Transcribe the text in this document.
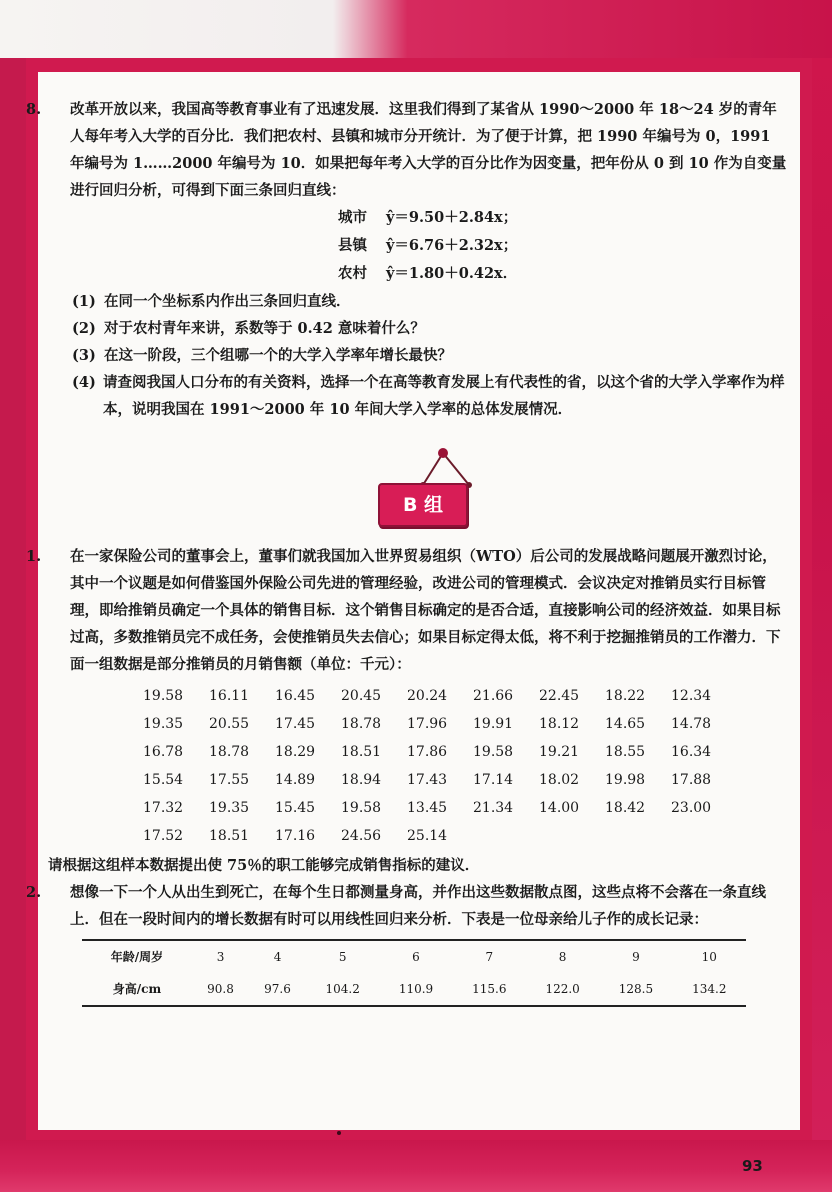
8. 改革开放以来，我国高等教育事业有了迅速发展．这里我们得到了某省从 1990～2000 年 18～24 岁的青年人每年考入大学的百分比．我们把农村、县镇和城市分开统计．为了便于计算，把 1990 年编号为 0，1991 年编号为 1……2000 年编号为 10．如果把每年考入大学的百分比作为因变量，把年份从 0 到 10 作为自变量进行回归分析，可得到下面三条回归直线：
城市 ŷ＝9.50＋2.84x；
县镇 ŷ＝6.76＋2.32x；
农村 ŷ＝1.80＋0.42x．
(1) 在同一个坐标系内作出三条回归直线．
(2) 对于农村青年来讲，系数等于 0.42 意味着什么？
(3) 在这一阶段，三个组哪一个的大学入学率年增长最快？
(4) 请查阅我国人口分布的有关资料，选择一个在高等教育发展上有代表性的省，以这个省的大学入学率作为样本，说明我国在 1991～2000 年 10 年间大学入学率的总体发展情况．
B 组
1. 在一家保险公司的董事会上，董事们就我国加入世界贸易组织（WTO）后公司的发展战略问题展开激烈讨论，其中一个议题是如何借鉴国外保险公司先进的管理经验，改进公司的管理模式．会议决定对推销员实行目标管理，即给推销员确定一个具体的销售目标．这个销售目标确定的是否合适，直接影响公司的经济效益．如果目标过高，多数推销员完不成任务，会使推销员失去信心；如果目标定得太低，将不利于挖掘推销员的工作潜力．下面一组数据是部分推销员的月销售额（单位：千元）：
19.58 16.11 16.45 20.45 20.24 21.66 22.45 18.22 12.34
19.35 20.55 17.45 18.78 17.96 19.91 18.12 14.65 14.78
16.78 18.78 18.29 18.51 17.86 19.58 19.21 18.55 16.34
15.54 17.55 14.89 18.94 17.43 17.14 18.02 19.98 17.88
17.32 19.35 15.45 19.58 13.45 21.34 14.00 18.42 23.00
17.52 18.51 17.16 24.56 25.14
请根据这组样本数据提出使 75％的职工能够完成销售指标的建议．
2. 想像一下一个人从出生到死亡，在每个生日都测量身高，并作出这些数据散点图，这些点将不会落在一条直线上．但在一段时间内的增长数据有时可以用线性回归来分析．下表是一位母亲给儿子作的成长记录：
年龄/周岁	3	4	5	6	7	8	9	10
身高/cm	90.8	97.6	104.2	110.9	115.6	122.0	128.5	134.2
93
